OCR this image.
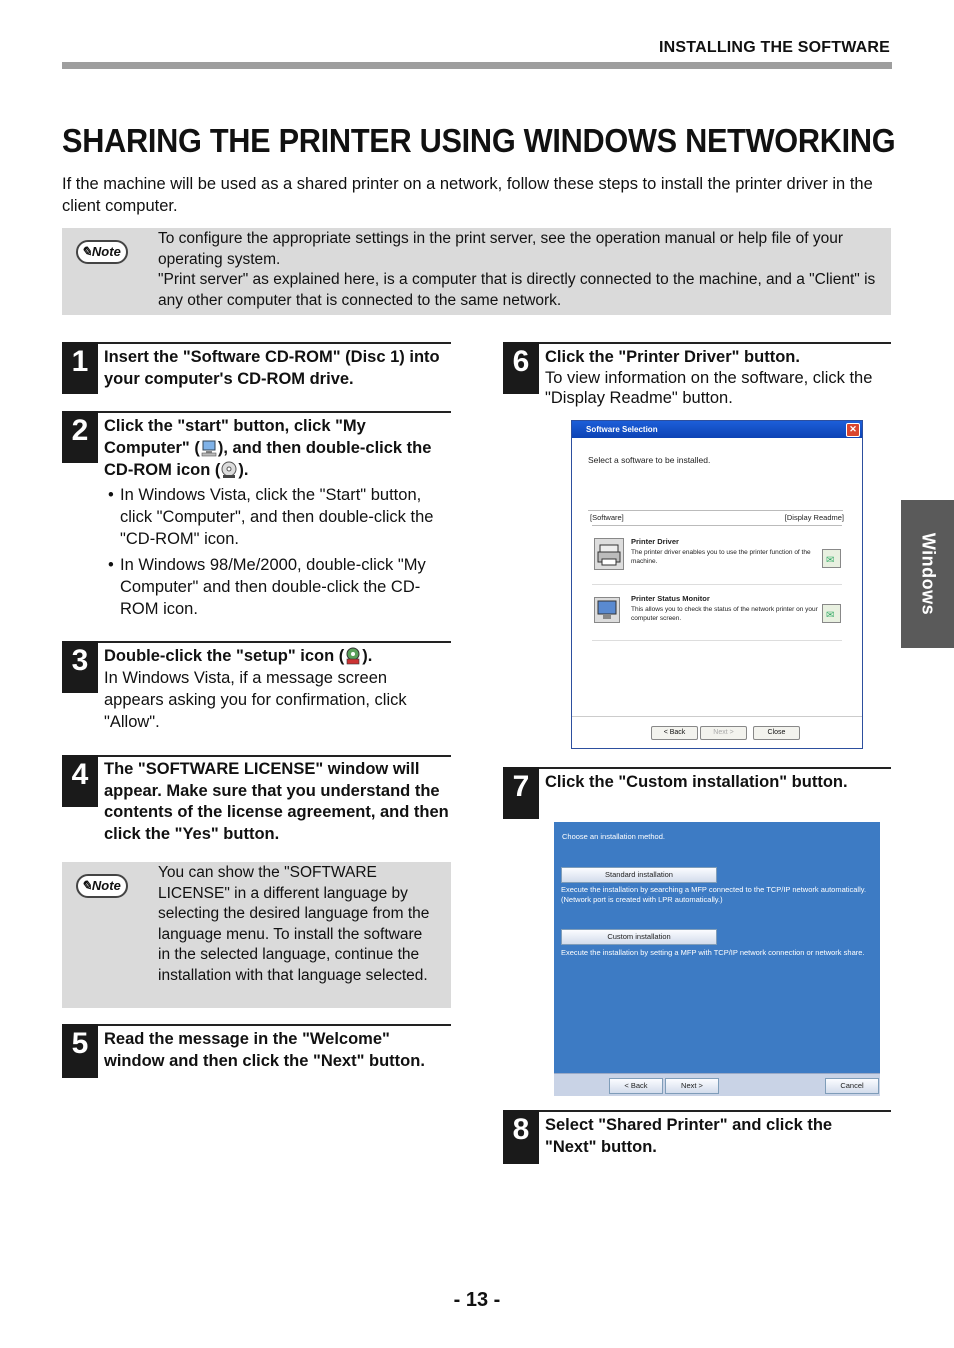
INSTALLING THE SOFTWARE
SHARING THE PRINTER USING WINDOWS NETWORKING
If the machine will be used as a shared printer on a network, follow these steps to install the printer driver in the client computer.
✎Note
To configure the appropriate settings in the print server, see the operation manual or help file of your operating system.
"Print server" as explained here, is a computer that is directly connected to the machine, and a "Client" is any other computer that is connected to the same network.
1 Insert the "Software CD-ROM" (Disc 1) into your computer's CD-ROM drive.
2 Click the "start" button, click "My Computer" ( ), and then double-click the CD-ROM icon ( ).
• In Windows Vista, click the "Start" button, click "Computer", and then double-click the "CD-ROM" icon.
• In Windows 98/Me/2000, double-click "My Computer" and then double-click the CD-ROM icon.
3 Double-click the "setup" icon ( ).
In Windows Vista, if a message screen appears asking you for confirmation, click "Allow".
4 The "SOFTWARE LICENSE" window will appear. Make sure that you understand the contents of the license agreement, and then click the "Yes" button.
✎Note
You can show the "SOFTWARE LICENSE" in a different language by selecting the desired language from the language menu. To install the software in the selected language, continue the installation with that language selected.
5 Read the message in the "Welcome" window and then click the "Next" button.
6 Click the "Printer Driver" button.
To view information on the software, click the "Display Readme" button.
Software Selection	✕
Select a software to be installed.
[Software]	[Display Readme]
Printer Driver
The printer driver enables you to use the printer function of the machine.	✉
Printer Status Monitor
This allows you to check the status of the network printer on your computer screen.	✉
< Back	Next >	Close
7 Click the "Custom installation" button.
Choose an installation method.
Standard installation
Execute the installation by searching a MFP connected to the TCP/IP network automatically. (Network port is created with LPR automatically.)
Custom installation
Execute the installation by setting a MFP with TCP/IP network connection or network share.
< Back	Next >	Cancel
8 Select "Shared Printer" and click the "Next" button.
Windows
- 13 -
